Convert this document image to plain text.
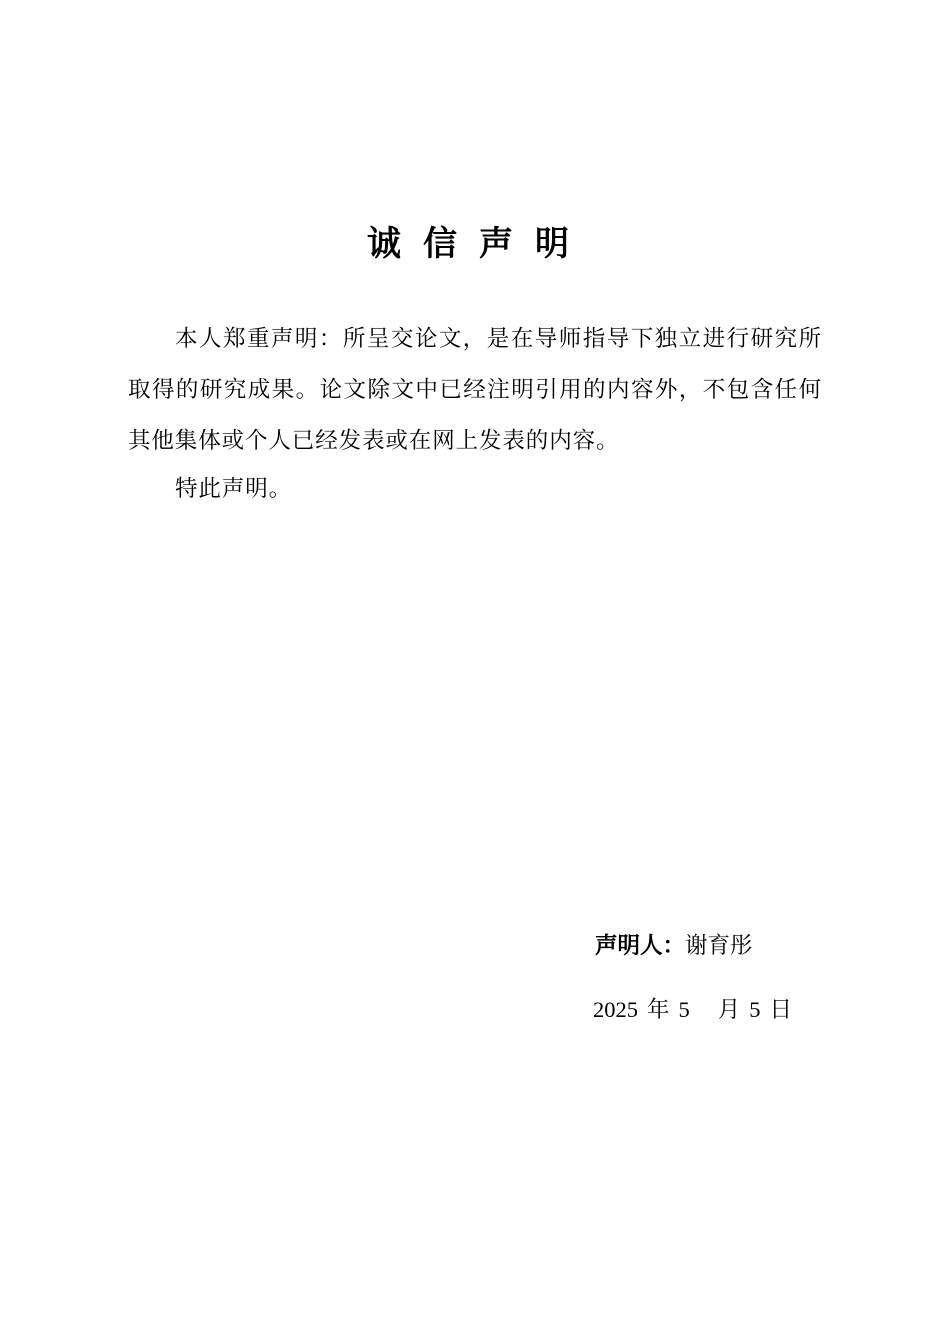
诚信声明

本人郑重声明：所呈交论文，是在导师指导下独立进行研究所取得的研究成果。论文除文中已经注明引用的内容外，不包含任何其他集体或个人已经发表或在网上发表的内容。

特此声明。

声明人：谢育彤
2025 年 5 月 5 日
